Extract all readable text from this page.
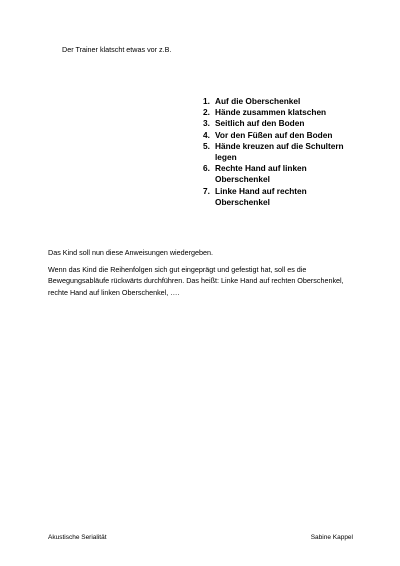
Der Trainer klatscht etwas vor z.B.
1. Auf die Oberschenkel
2. Hände zusammen klatschen
3. Seitlich auf den Boden
4. Vor den Füßen auf den Boden
5. Hände kreuzen auf die Schultern legen
6. Rechte Hand auf linken Oberschenkel
7. Linke Hand auf rechten Oberschenkel
Das Kind soll nun diese Anweisungen wiedergeben.
Wenn das Kind die Reihenfolgen sich gut eingeprägt und gefestigt hat, soll es die Bewegungsabläufe rückwärts durchführen. Das heißt: Linke Hand auf rechten Oberschenkel, rechte Hand auf linken Oberschenkel, ….
Akustische Serialität	Sabine Kappel
